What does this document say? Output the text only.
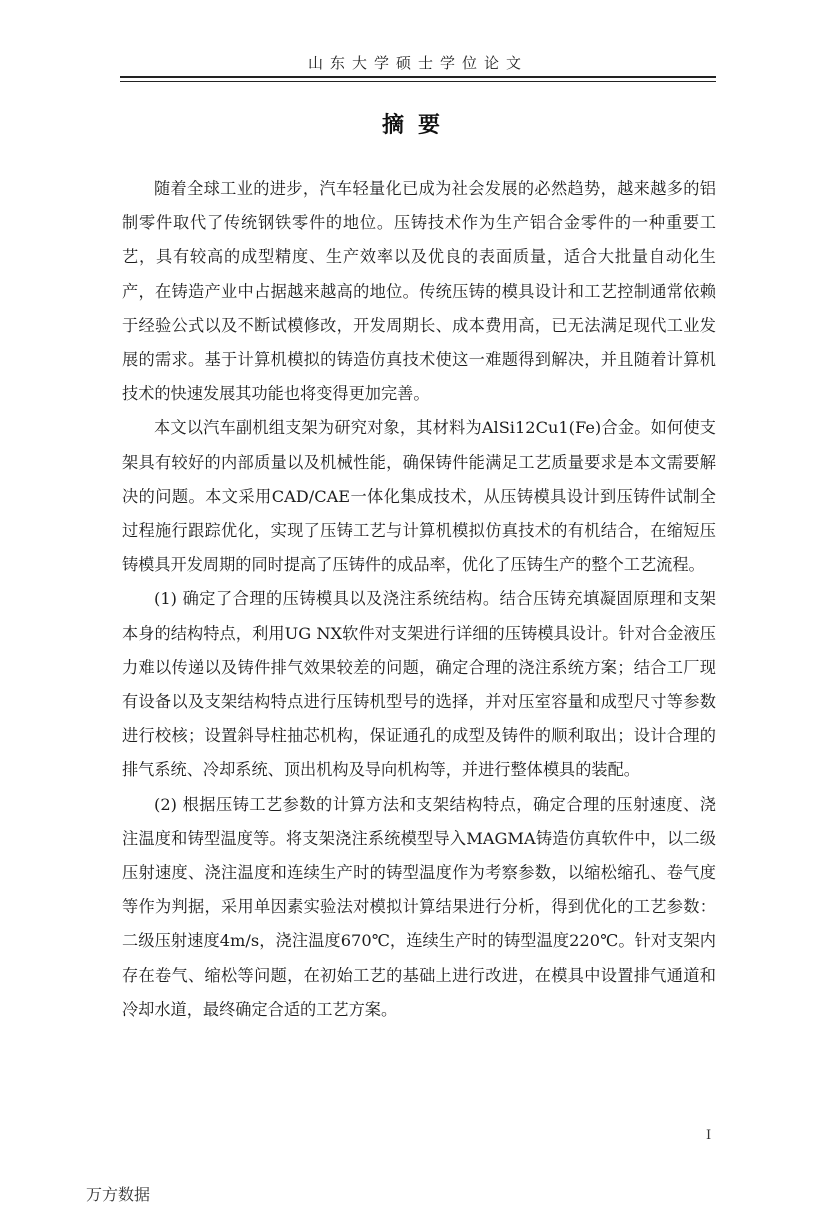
山东大学硕士学位论文
摘要

随着全球工业的进步，汽车轻量化已成为社会发展的必然趋势，越来越多的铝制零件取代了传统钢铁零件的地位。压铸技术作为生产铝合金零件的一种重要工艺，具有较高的成型精度、生产效率以及优良的表面质量，适合大批量自动化生产，在铸造产业中占据越来越高的地位。传统压铸的模具设计和工艺控制通常依赖于经验公式以及不断试模修改，开发周期长、成本费用高，已无法满足现代工业发展的需求。基于计算机模拟的铸造仿真技术使这一难题得到解决，并且随着计算机技术的快速发展其功能也将变得更加完善。

本文以汽车副机组支架为研究对象，其材料为AlSi12Cu1(Fe)合金。如何使支架具有较好的内部质量以及机械性能，确保铸件能满足工艺质量要求是本文需要解决的问题。本文采用CAD/CAE一体化集成技术，从压铸模具设计到压铸件试制全过程施行跟踪优化，实现了压铸工艺与计算机模拟仿真技术的有机结合，在缩短压铸模具开发周期的同时提高了压铸件的成品率，优化了压铸生产的整个工艺流程。

(1) 确定了合理的压铸模具以及浇注系统结构。结合压铸充填凝固原理和支架本身的结构特点，利用UG NX软件对支架进行详细的压铸模具设计。针对合金液压力难以传递以及铸件排气效果较差的问题，确定合理的浇注系统方案；结合工厂现有设备以及支架结构特点进行压铸机型号的选择，并对压室容量和成型尺寸等参数进行校核；设置斜导柱抽芯机构，保证通孔的成型及铸件的顺利取出；设计合理的排气系统、冷却系统、顶出机构及导向机构等，并进行整体模具的装配。

(2) 根据压铸工艺参数的计算方法和支架结构特点，确定合理的压射速度、浇注温度和铸型温度等。将支架浇注系统模型导入MAGMA铸造仿真软件中，以二级压射速度、浇注温度和连续生产时的铸型温度作为考察参数，以缩松缩孔、卷气度等作为判据，采用单因素实验法对模拟计算结果进行分析，得到优化的工艺参数：二级压射速度4m/s，浇注温度670℃，连续生产时的铸型温度220℃。针对支架内存在卷气、缩松等问题，在初始工艺的基础上进行改进，在模具中设置排气通道和冷却水道，最终确定合适的工艺方案。

I
万方数据
